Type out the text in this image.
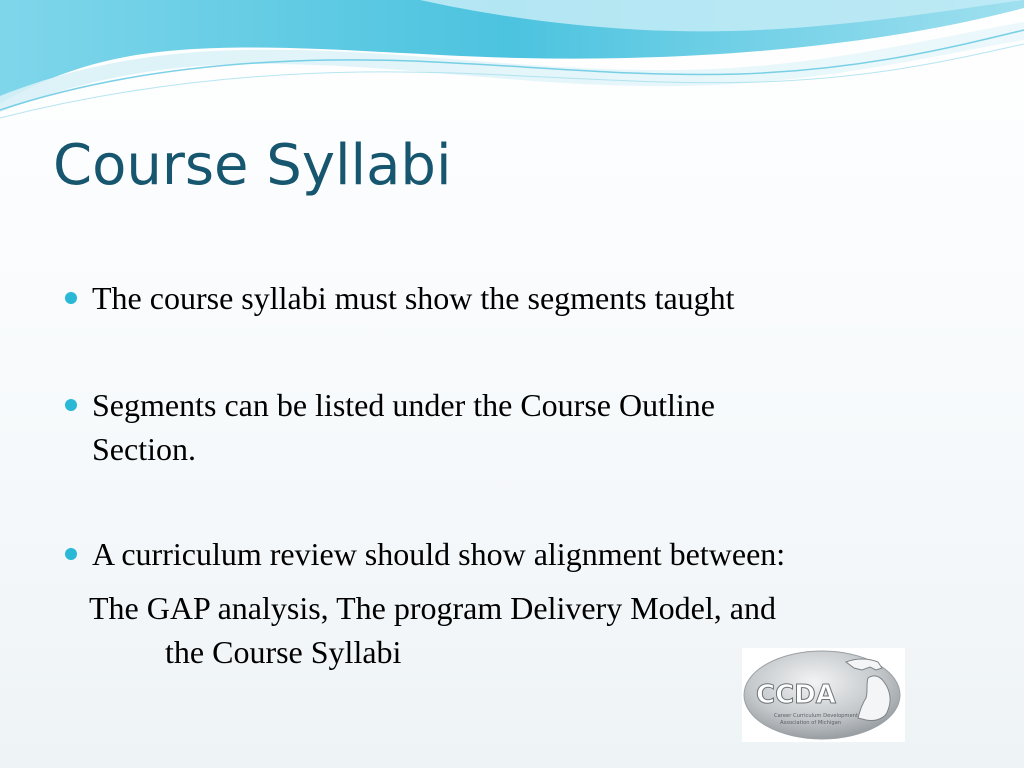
Course Syllabi
The course syllabi must show the segments taught
Segments can be listed under the Course Outline
Section.
A curriculum review should show alignment between:
The GAP analysis, The program Delivery Model, and
the Course Syllabi
CCDA
Career Curriculum Development
Association of Michigan
